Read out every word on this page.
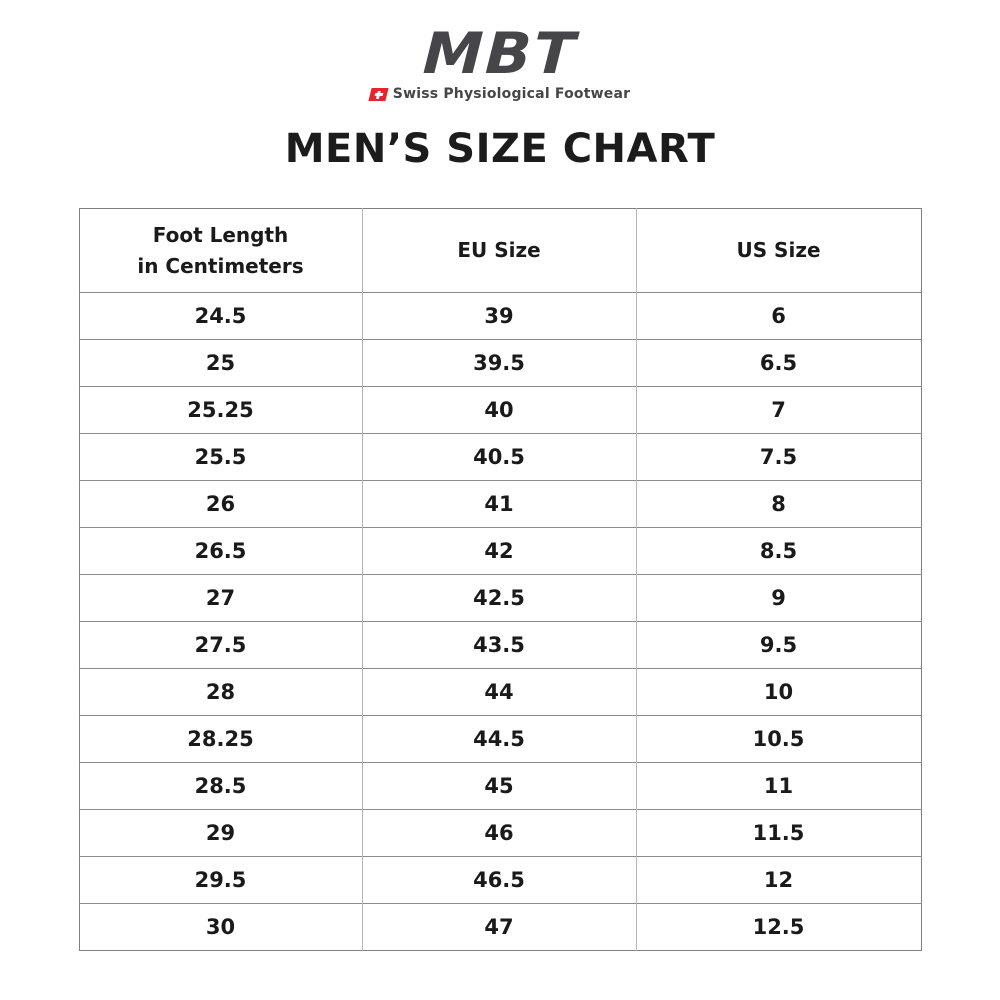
MBT
Swiss Physiological Footwear
MEN’S SIZE CHART
Foot Length
in Centimeters	EU Size	US Size
24.5	39	6
25	39.5	6.5
25.25	40	7
25.5	40.5	7.5
26	41	8
26.5	42	8.5
27	42.5	9
27.5	43.5	9.5
28	44	10
28.25	44.5	10.5
28.5	45	11
29	46	11.5
29.5	46.5	12
30	47	12.5
